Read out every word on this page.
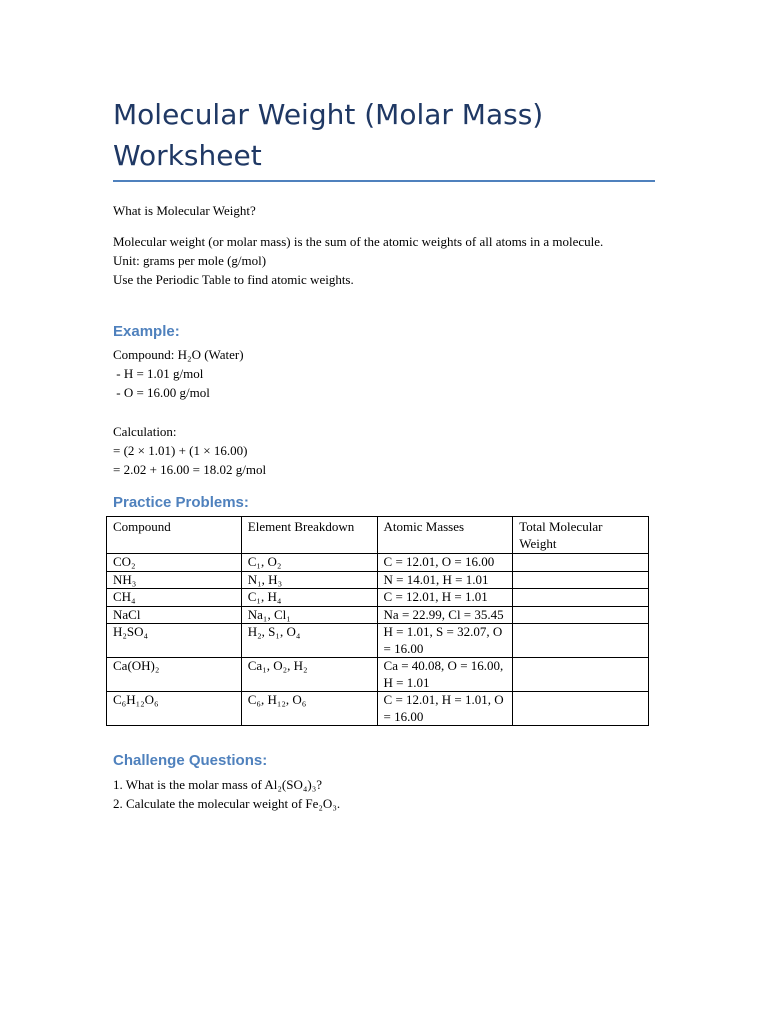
Molecular Weight (Molar Mass) Worksheet

What is Molecular Weight?

Molecular weight (or molar mass) is the sum of the atomic weights of all atoms in a molecule.
Unit: grams per mole (g/mol)
Use the Periodic Table to find atomic weights.
Example:
Compound: H₂O (Water)
- H = 1.01 g/mol
- O = 16.00 g/mol
Calculation:
= (2 × 1.01) + (1 × 16.00)
= 2.02 + 16.00 = 18.02 g/mol
Practice Problems:
Compound	Element Breakdown	Atomic Masses	Total Molecular Weight
CO₂	C₁, O₂	C = 12.01, O = 16.00	
NH₃	N₁, H₃	N = 14.01, H = 1.01	
CH₄	C₁, H₄	C = 12.01, H = 1.01	
NaCl	Na₁, Cl₁	Na = 22.99, Cl = 35.45	
H₂SO₄	H₂, S₁, O₄	H = 1.01, S = 32.07, O = 16.00	
Ca(OH)₂	Ca₁, O₂, H₂	Ca = 40.08, O = 16.00, H = 1.01	
C₆H₁₂O₆	C₆, H₁₂, O₆	C = 12.01, H = 1.01, O = 16.00	
Challenge Questions:
1. What is the molar mass of Al₂(SO₄)₃?
2. Calculate the molecular weight of Fe₂O₃.
